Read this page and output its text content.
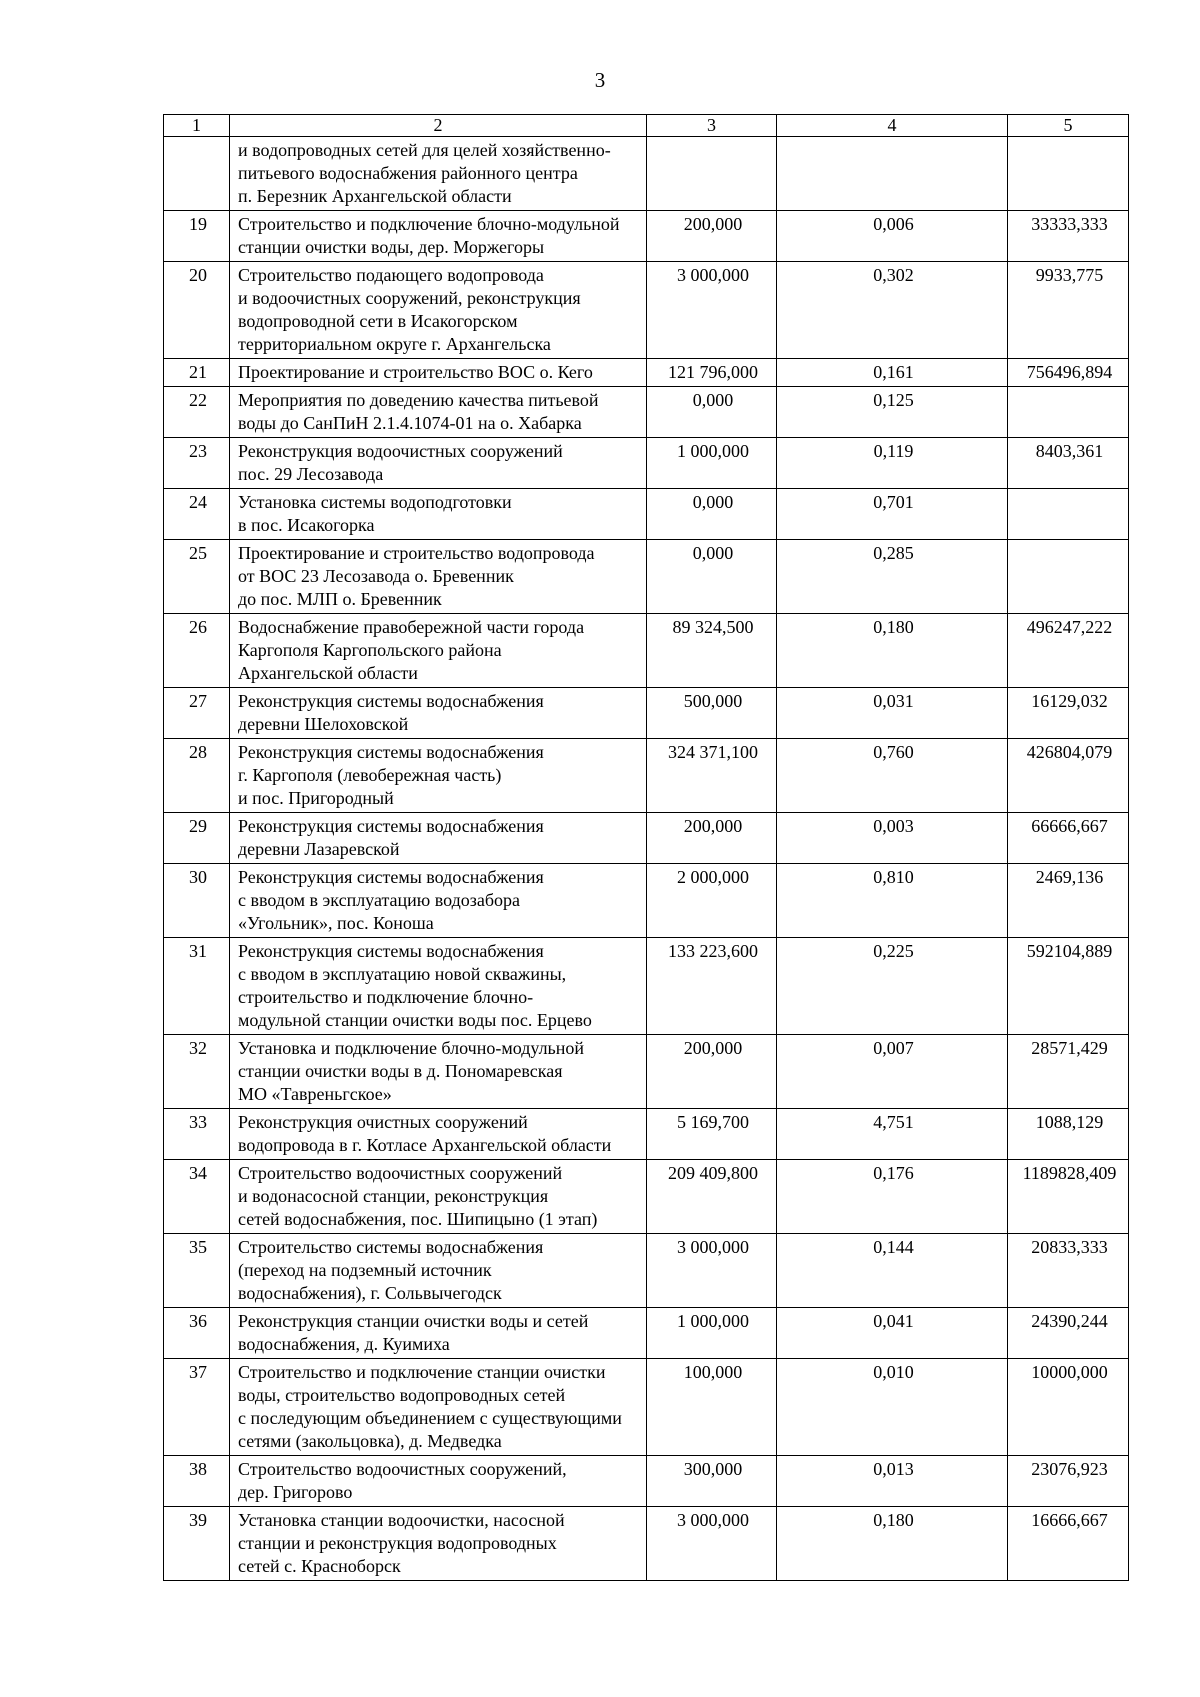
3
1	2	3	4	5
	и водопроводных сетей для целей хозяйственно-
питьевого водоснабжения районного центра
п. Березник Архангельской области			
19	Строительство и подключение блочно-модульной
станции очистки воды, дер. Моржегоры	200,000	0,006	33333,333
20	Строительство подающего водопровода
и водоочистных сооружений, реконструкция
водопроводной сети в Исакогорском
территориальном округе г. Архангельска	3 000,000	0,302	9933,775
21	Проектирование и строительство ВОС о. Кего	121 796,000	0,161	756496,894
22	Мероприятия по доведению качества питьевой
воды до СанПиН 2.1.4.1074-01 на о. Хабарка	0,000	0,125	
23	Реконструкция водоочистных сооружений
пос. 29 Лесозавода	1 000,000	0,119	8403,361
24	Установка системы водоподготовки
в пос. Исакогорка	0,000	0,701	
25	Проектирование и строительство водопровода
от ВОС 23 Лесозавода о. Бревенник
до пос. МЛП о. Бревенник	0,000	0,285	
26	Водоснабжение правобережной части города
Каргополя Каргопольского района
Архангельской области	89 324,500	0,180	496247,222
27	Реконструкция системы водоснабжения
деревни Шелоховской	500,000	0,031	16129,032
28	Реконструкция системы водоснабжения
г. Каргополя (левобережная часть)
и пос. Пригородный	324 371,100	0,760	426804,079
29	Реконструкция системы водоснабжения
деревни Лазаревской	200,000	0,003	66666,667
30	Реконструкция системы водоснабжения
с вводом в эксплуатацию водозабора
«Угольник», пос. Коноша	2 000,000	0,810	2469,136
31	Реконструкция системы водоснабжения
с вводом в эксплуатацию новой скважины,
строительство и подключение блочно-
модульной станции очистки воды пос. Ерцево	133 223,600	0,225	592104,889
32	Установка и подключение блочно-модульной
станции очистки воды в д. Пономаревская
МО «Тавреньгское»	200,000	0,007	28571,429
33	Реконструкция очистных сооружений
водопровода в г. Котласе Архангельской области	5 169,700	4,751	1088,129
34	Строительство водоочистных сооружений
и водонасосной станции, реконструкция
сетей водоснабжения, пос. Шипицыно (1 этап)	209 409,800	0,176	1189828,409
35	Строительство системы водоснабжения
(переход на подземный источник
водоснабжения), г. Сольвычегодск	3 000,000	0,144	20833,333
36	Реконструкция станции очистки воды и сетей
водоснабжения, д. Куимиха	1 000,000	0,041	24390,244
37	Строительство и подключение станции очистки
воды, строительство водопроводных сетей
с последующим объединением с существующими
сетями (закольцовка), д. Медведка	100,000	0,010	10000,000
38	Строительство водоочистных сооружений,
дер. Григорово	300,000	0,013	23076,923
39	Установка станции водоочистки, насосной
станции и реконструкция водопроводных
сетей с. Красноборск	3 000,000	0,180	16666,667
